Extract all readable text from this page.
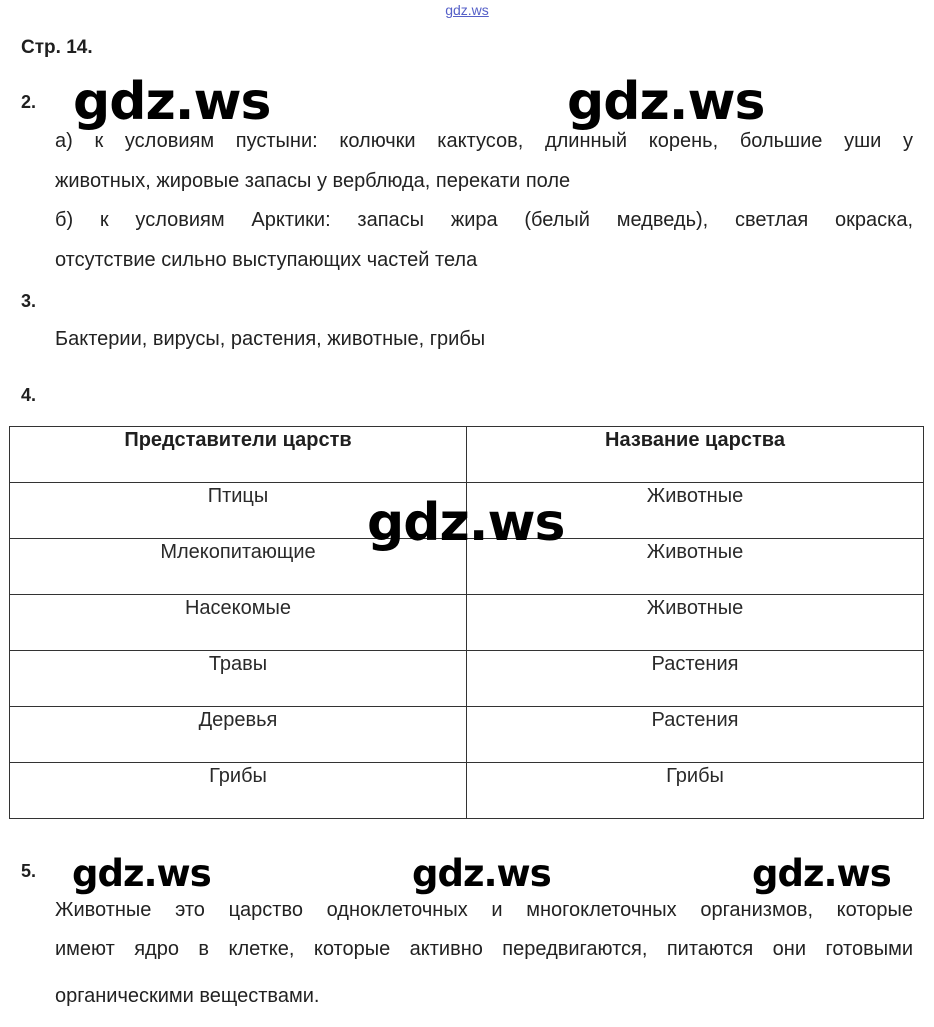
gdz.ws
Стр. 14.
2. gdz.ws	gdz.ws
а) к условиям пустыни: колючки кактусов, длинный корень, большие уши у
животных, жировые запасы у верблюда, перекати поле
б) к условиям Арктики: запасы жира (белый медведь), светлая окраска,
отсутствие сильно выступающих частей тела
3.
Бактерии, вирусы, растения, животные, грибы
4.
Представители царств	Название царства
Птицы	Животные
Млекопитающие	Животные
Насекомые	Животные
Травы	Растения
Деревья	Растения
Грибы	Грибы
gdz.ws
5. gdz.ws	gdz.ws	gdz.ws
Животные это царство одноклеточных и многоклеточных организмов, которые
имеют ядро в клетке, которые активно передвигаются, питаются они готовыми
органическими веществами.
